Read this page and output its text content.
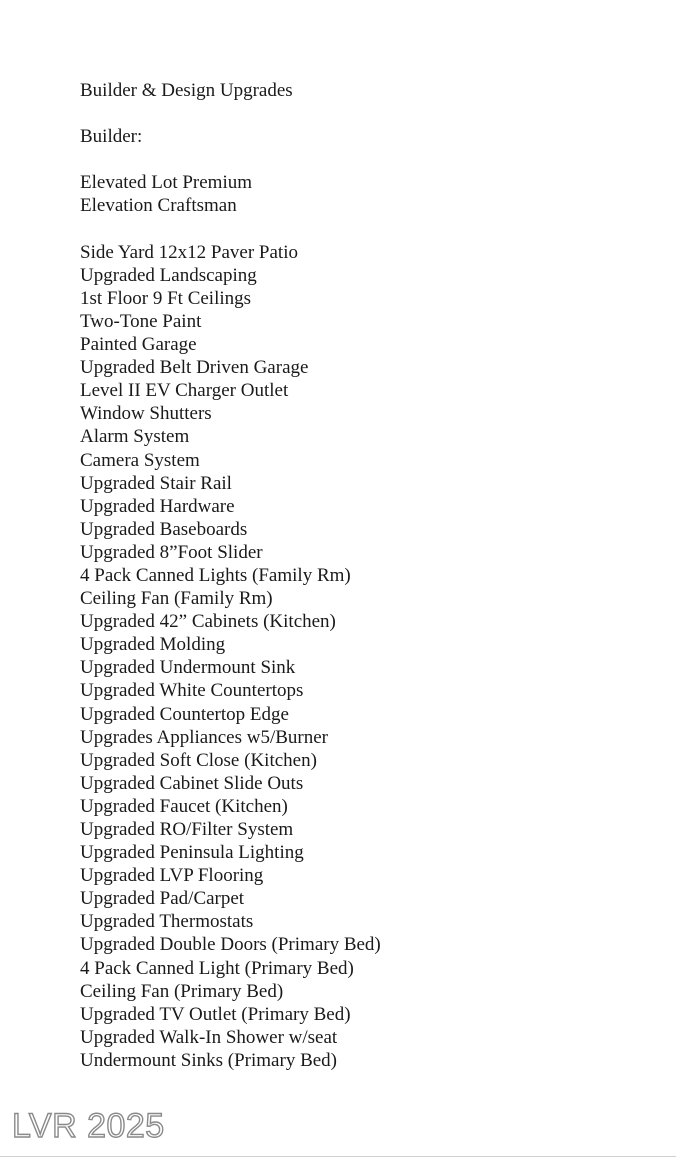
Builder & Design Upgrades
Builder:
Elevated Lot Premium
Elevation Craftsman
Side Yard 12x12 Paver Patio
Upgraded Landscaping
1st Floor 9 Ft Ceilings
Two-Tone Paint
Painted Garage
Upgraded Belt Driven Garage
Level II EV Charger Outlet
Window Shutters
Alarm System
Camera System
Upgraded Stair Rail
Upgraded Hardware
Upgraded Baseboards
Upgraded 8”Foot Slider
4 Pack Canned Lights (Family Rm)
Ceiling Fan (Family Rm)
Upgraded 42” Cabinets (Kitchen)
Upgraded Molding
Upgraded Undermount Sink
Upgraded White Countertops
Upgraded Countertop Edge
Upgrades Appliances w5/Burner
Upgraded Soft Close (Kitchen)
Upgraded Cabinet Slide Outs
Upgraded Faucet (Kitchen)
Upgraded RO/Filter System
Upgraded Peninsula Lighting
Upgraded LVP Flooring
Upgraded Pad/Carpet
Upgraded Thermostats
Upgraded Double Doors (Primary Bed)
4 Pack Canned Light (Primary Bed)
Ceiling Fan (Primary Bed)
Upgraded TV Outlet (Primary Bed)
Upgraded Walk-In Shower w/seat
Undermount Sinks (Primary Bed)
LVR 2025
